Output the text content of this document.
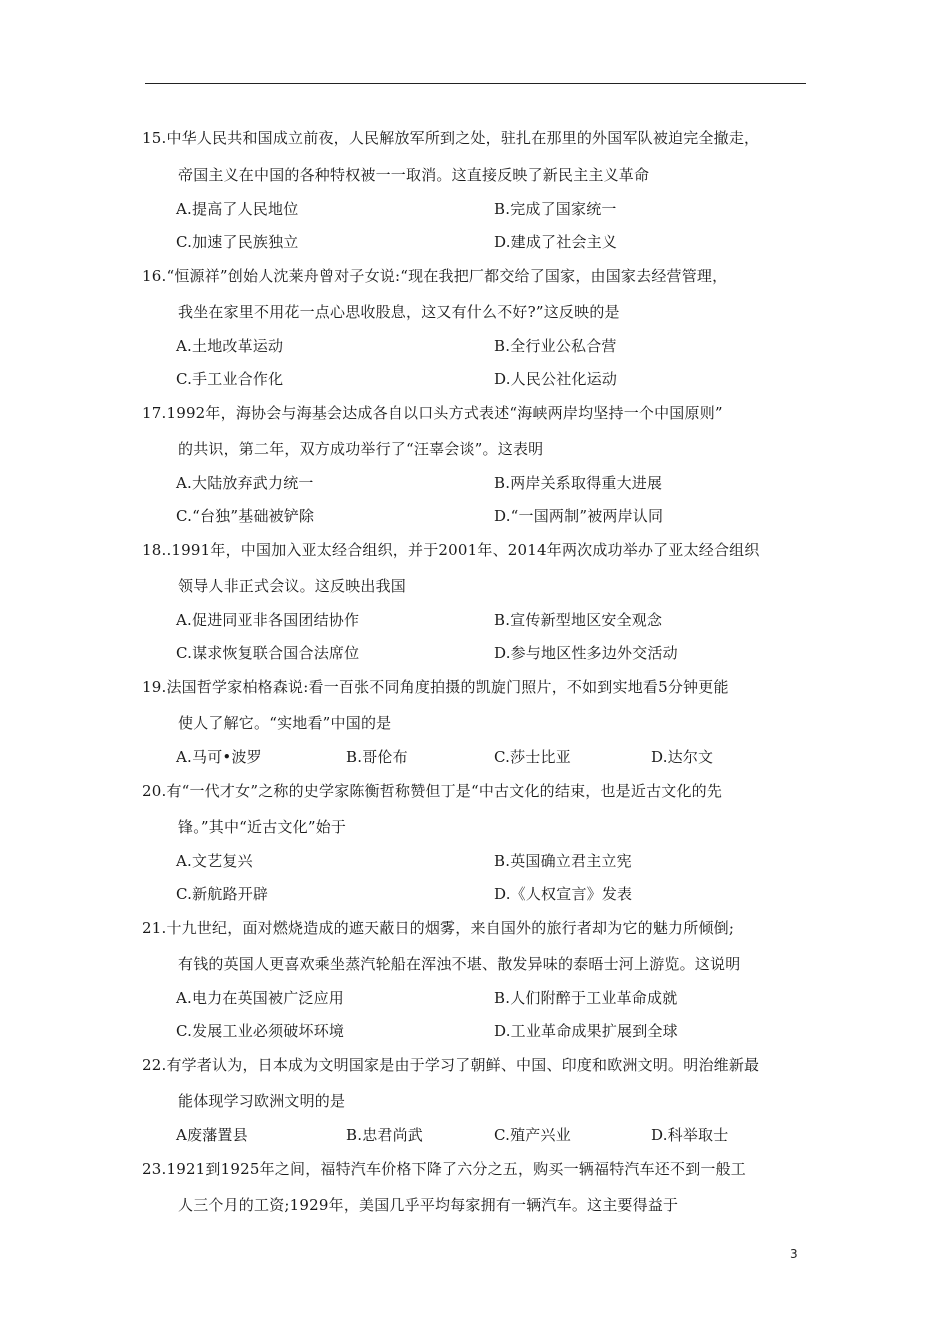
15.中华人民共和国成立前夜，人民解放军所到之处，驻扎在那里的外国军队被迫完全撤走，
帝国主义在中国的各种特权被一一取消。这直接反映了新民主主义革命
A.提高了人民地位	B.完成了国家统一
C.加速了民族独立	D.建成了社会主义
16.“恒源祥”创始人沈莱舟曾对子女说:“现在我把厂都交给了国家，由国家去经营管理，
我坐在家里不用花一点心思收股息，这又有什么不好?”这反映的是
A.土地改革运动	B.全行业公私合营
C.手工业合作化	D.人民公社化运动
17.1992年，海协会与海基会达成各自以口头方式表述“海峡两岸均坚持一个中国原则”
的共识，第二年，双方成功举行了“汪辜会谈”。这表明
A.大陆放弃武力统一	B.两岸关系取得重大进展
C.“台独”基础被铲除	D.“一国两制”被两岸认同
18..1991年，中国加入亚太经合组织，并于2001年、2014年两次成功举办了亚太经合组织
领导人非正式会议。这反映出我国
A.促进同亚非各国团结协作	B.宣传新型地区安全观念
C.谋求恢复联合国合法席位	D.参与地区性多边外交活动
19.法国哲学家柏格森说:看一百张不同角度拍摄的凯旋门照片，不如到实地看5分钟更能
使人了解它。“实地看”中国的是
A.马可•波罗	B.哥伦布	C.莎士比亚	D.达尔文
20.有“一代才女”之称的史学家陈衡哲称赞但丁是“中古文化的结束，也是近古文化的先
锋。”其中“近古文化”始于
A.文艺复兴	B.英国确立君主立宪
C.新航路开辟	D.《人权宣言》发表
21.十九世纪，面对燃烧造成的遮天蔽日的烟雾，来自国外的旅行者却为它的魅力所倾倒;
有钱的英国人更喜欢乘坐蒸汽轮船在浑浊不堪、散发异味的泰晤士河上游览。这说明
A.电力在英国被广泛应用	B.人们附醉于工业革命成就
C.发展工业必须破坏环境	D.工业革命成果扩展到全球
22.有学者认为，日本成为文明国家是由于学习了朝鲜、中国、印度和欧洲文明。明治维新最
能体现学习欧洲文明的是
A废藩置县	B.忠君尚武	C.殖产兴业	D.科举取士
23.1921到1925年之间，福特汽车价格下降了六分之五，购买一辆福特汽车还不到一般工
人三个月的工资;1929年，美国几乎平均每家拥有一辆汽车。这主要得益于
3
